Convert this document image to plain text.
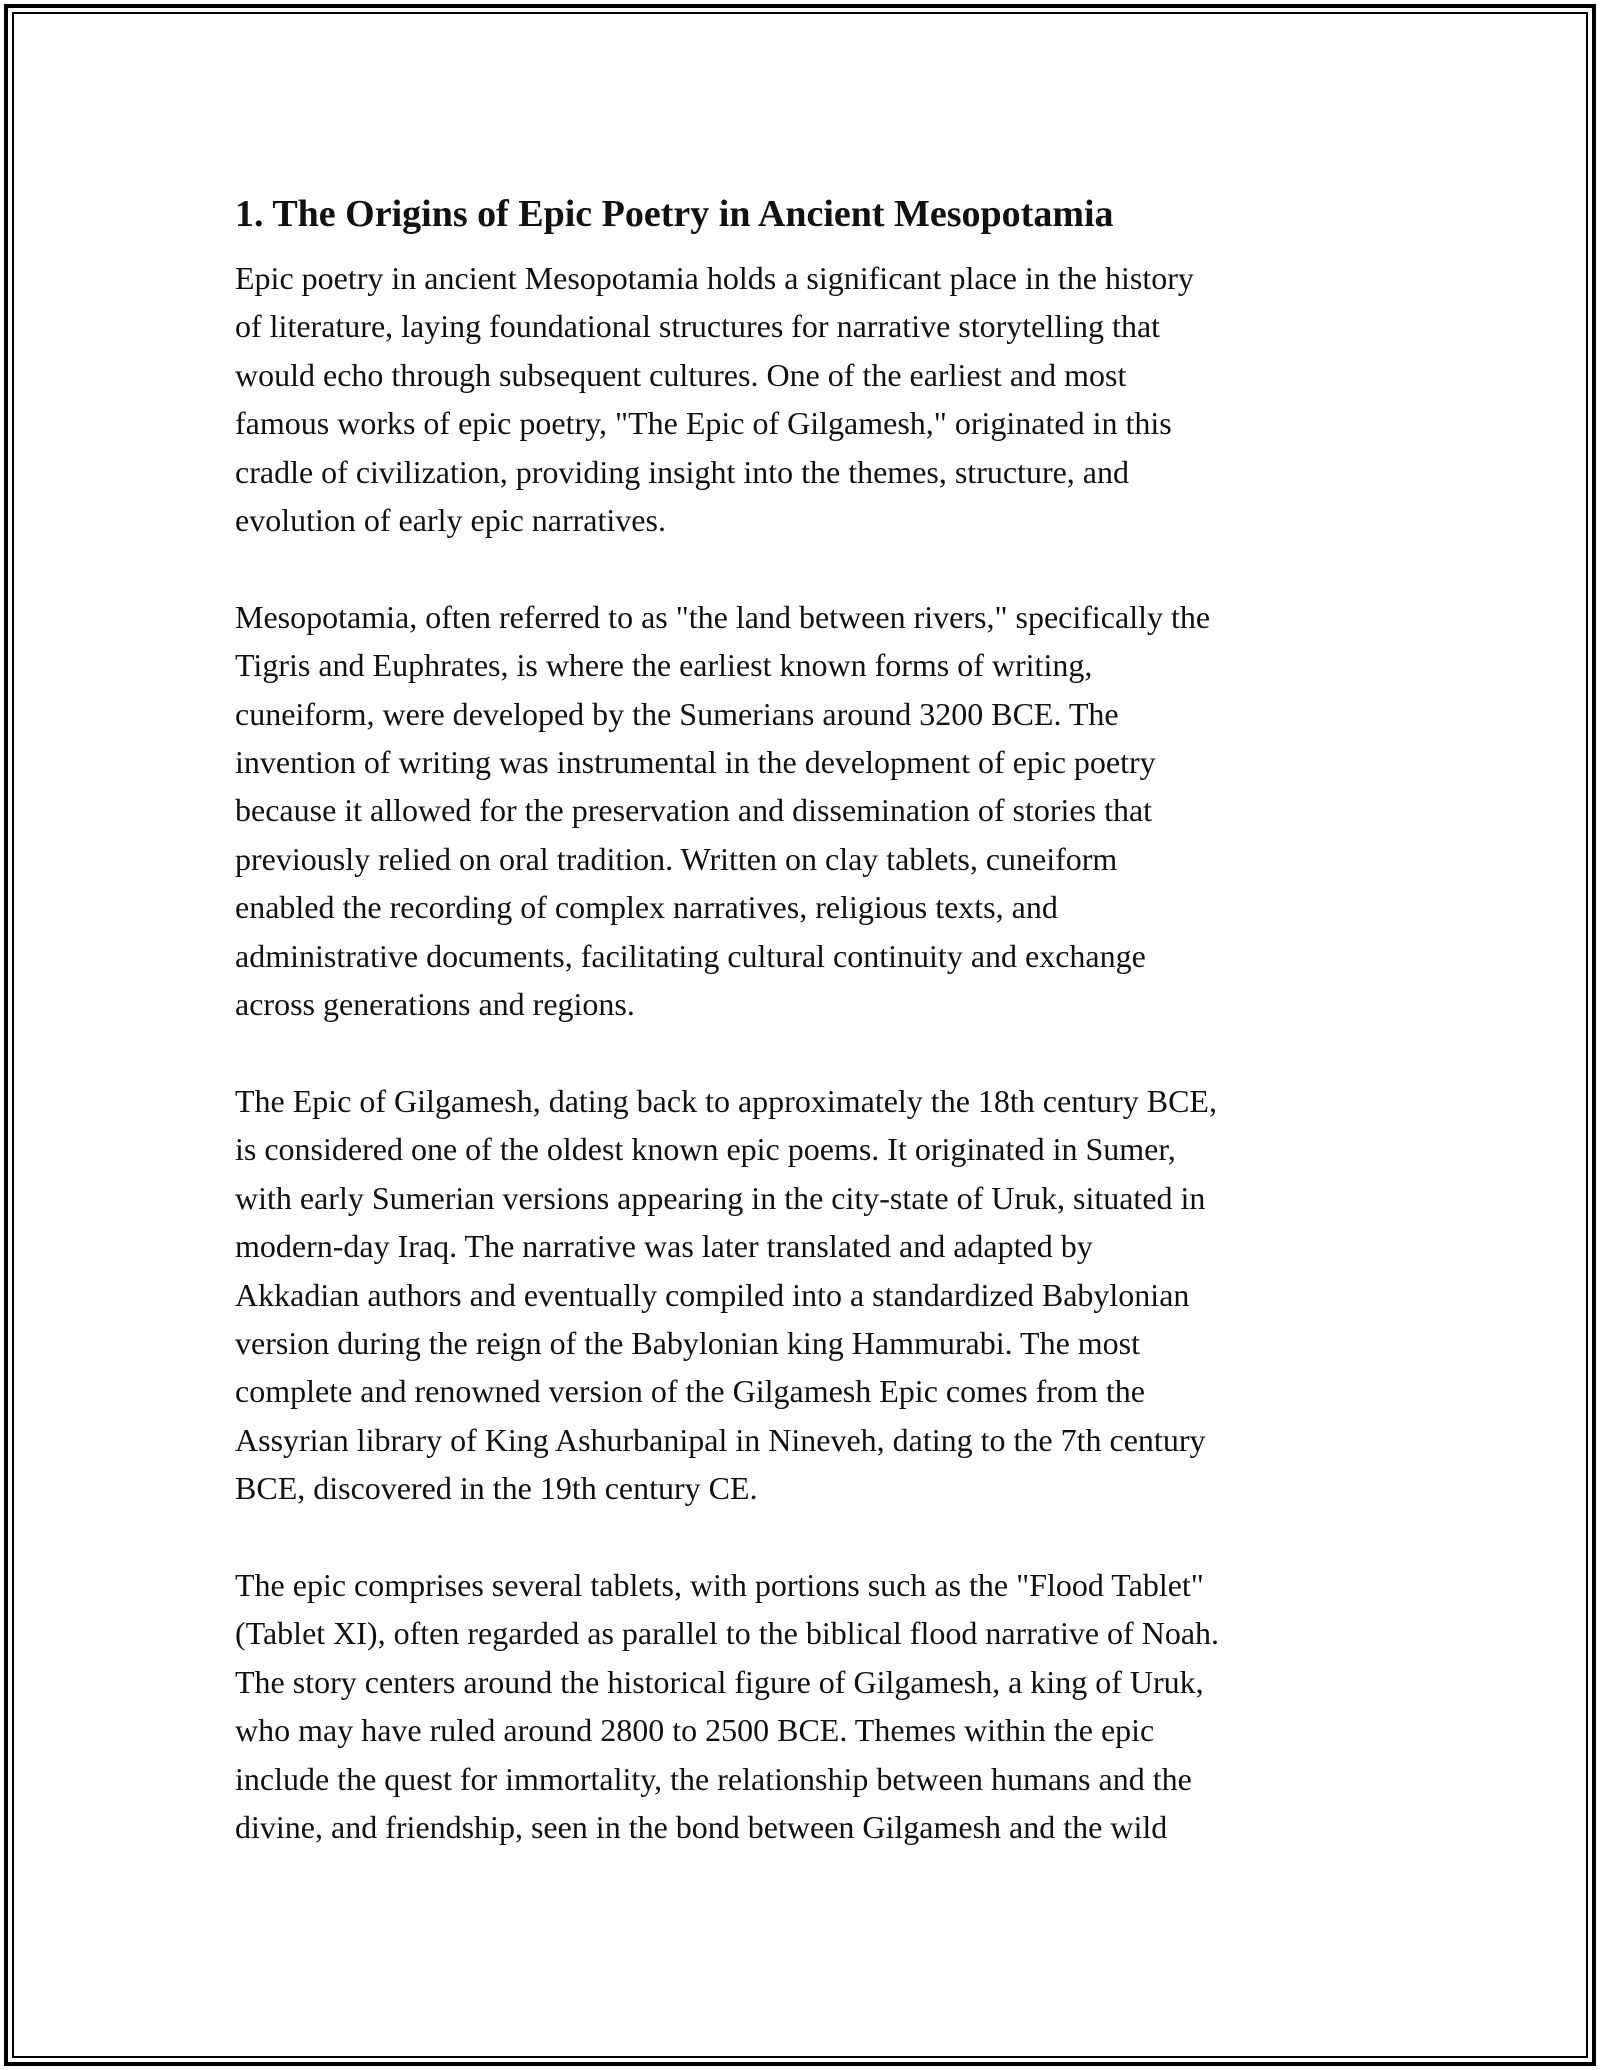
1. The Origins of Epic Poetry in Ancient Mesopotamia

Epic poetry in ancient Mesopotamia holds a significant place in the history
of literature, laying foundational structures for narrative storytelling that
would echo through subsequent cultures. One of the earliest and most
famous works of epic poetry, "The Epic of Gilgamesh," originated in this
cradle of civilization, providing insight into the themes, structure, and
evolution of early epic narratives.

Mesopotamia, often referred to as "the land between rivers," specifically the
Tigris and Euphrates, is where the earliest known forms of writing,
cuneiform, were developed by the Sumerians around 3200 BCE. The
invention of writing was instrumental in the development of epic poetry
because it allowed for the preservation and dissemination of stories that
previously relied on oral tradition. Written on clay tablets, cuneiform
enabled the recording of complex narratives, religious texts, and
administrative documents, facilitating cultural continuity and exchange
across generations and regions.

The Epic of Gilgamesh, dating back to approximately the 18th century BCE,
is considered one of the oldest known epic poems. It originated in Sumer,
with early Sumerian versions appearing in the city-state of Uruk, situated in
modern-day Iraq. The narrative was later translated and adapted by
Akkadian authors and eventually compiled into a standardized Babylonian
version during the reign of the Babylonian king Hammurabi. The most
complete and renowned version of the Gilgamesh Epic comes from the
Assyrian library of King Ashurbanipal in Nineveh, dating to the 7th century
BCE, discovered in the 19th century CE.

The epic comprises several tablets, with portions such as the "Flood Tablet"
(Tablet XI), often regarded as parallel to the biblical flood narrative of Noah.
The story centers around the historical figure of Gilgamesh, a king of Uruk,
who may have ruled around 2800 to 2500 BCE. Themes within the epic
include the quest for immortality, the relationship between humans and the
divine, and friendship, seen in the bond between Gilgamesh and the wild
